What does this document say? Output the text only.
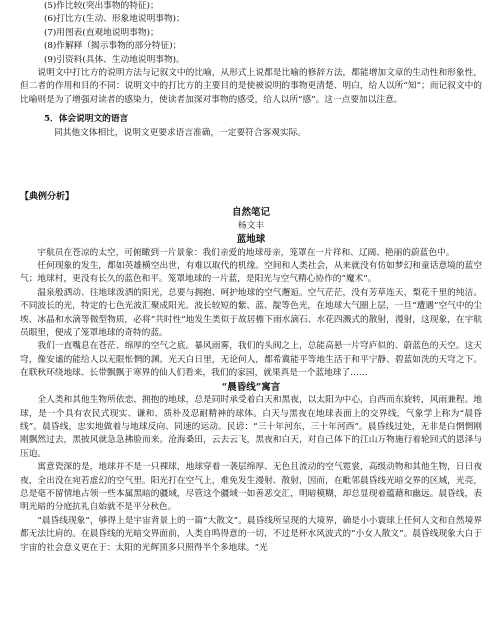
(5)作比较(突出事物的特征)；

(6)打比方(生动、形象地说明事物)；

(7)用图表(直观地说明事物)；

(8)作解释（揭示事物的部分特征)；

(9)引资料(具体、生动地说明事物)。

说明文中打比方的说明方法与记叙文中的比喻，从形式上说都是比喻的修辞方法，都能增加文章的生动性和形象性，但二者的作用和目的不同：说明文中的打比方的主要目的是使被说明的事物更清楚、明白，给人以所“知”；而记叙文中的比喻则是为了增强对读者的感染力，使读者加深对事物的感受，给人以所“感”。这一点要加以注意。

5．体会说明文的语言

同其他文体相比，说明文更要求语言准确，一定要符合客观实际。

【典例分析】

自然笔记

杨文丰

蓝地球

宇航员在苍凉的太空，可俯瞰到一片景象：我们亲爱的地球母亲，笼罩在一片祥和、辽阔、艳丽的蔚蓝色中。

任何现象的发生，都如英雄横空出世，有难以取代的机缘。空间和人类社会，从来就没有仿如梦幻和童话意境的蓝空气；地球村，更没有长久的蓝色和平。笼罩地球的一片蓝，是阳光与空气精心协作的“魔术”。

温泉般洒动、往地球泼洒的阳光，总要与拥抱、呵护地球的空气邂逅。空气茫茫，没有芳草连天，梨花千里的纯洁。不同波长的光，特定的七色光波汇聚成阳光。波长较短的紫、蓝、靛等色光，在地球大气圈上层，一旦“遭遇”空气中的尘埃、冰晶和水滴等微型物质，必将“共时性”地发生类似于故居檐下雨水滴石、水花四溅式的散射，漫射，这现象，在宇航员眼里，便成了笼罩地球的奇特的蓝。

我们一直嘴息在苍茫、绵厚的空气之底。暴风雨雾，我们的头阀之上，总能高悬一片穹庐似的、蔚蓝色的天空。这天穹，像安谧的能给人以无限怅惘的渊。光天白日里，无论何人，都希冀能平等地生活于和平宁静、碧蓝如洗的天穹之下。在联秋环绕地球、长带飘飘于寒界的仙人们看来，我们的家园，就果真是一个蓝地球了……

“晨昏线”寓言

全人类和其他生物所依恋、拥抱的地球，总是同时承受着白天和黑夜，以太阳为中心，自西而东旋转，风雨兼程。地球，是一个具有农民式现实、谦和、质朴及忍耐精神的球体。白天与黑夜在地球表面上的交界线，气象学上称为“晨昏线”。晨昏线，忠实地做着与地球反向、同速的运动。民谚：“三十年河东，三十年河西”。晨昏线过处，无非是白惘惘刚刚飘然过去，黑披风就急急拂脸而来。沧海桑田，云去云飞，黑夜和白天，对自己体下的江山万物施行着轮回式的恩泽与压迫。

寓意瓷深的是，地球并不是一只裸球，地球穿着一袭层绵厚、无色且流动的空气霓裳，高级动物和其他生物，日日夜夜，全出没在宛若虚幻的空气里。阳光打在空气上，难免发生漫射、散射，因而，在毗邻晨昏线光暗交界的区域，光亮，总是毫不留情地占领一些本属黑暗的疆域，尽管这个疆域一如善恶交汇，明暗模糊，却总显现着蕴藉和幽远。晨昏线，表明光暗的分庭抗礼自始就不是平分秋色。

“晨昏线现象”，够得上是宇宙背景上的一篇“大散文”。晨昏线所呈现的大境界，确是小小寰球上任何人文和自然境界都无法比肩的。在晨昏线的光暗交界面前，人类自鸣得意的一切，不过是杯水风波式的“小女人散文”。晨昏线现象大白于宇宙的社会意义更在于：太阳的光辉顶多只照得半个多地球。“光
